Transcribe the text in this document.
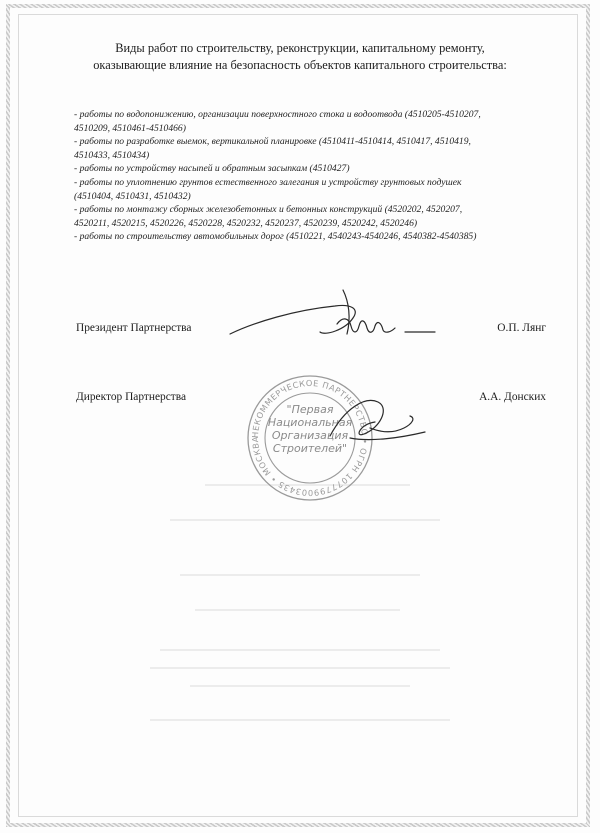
Виды работ по строительству, реконструкции, капитальному ремонту,
оказывающие влияние на безопасность объектов капитального строительства:
- работы по водопонижению, организации поверхностного стока и водоотвода (4510205-4510207,
4510209, 4510461-4510466)
- работы по разработке выемок, вертикальной планировке (4510411-4510414, 4510417, 4510419,
4510433, 4510434)
- работы по устройству насыпей и обратным засыпкам (4510427)
- работы по уплотнению грунтов естественного залегания и устройству грунтовых подушек
(4510404, 4510431, 4510432)
- работы по монтажу сборных железобетонных и бетонных конструкций (4520202, 4520207,
4520211, 4520215, 4520226, 4520228, 4520232, 4520237, 4520239, 4520242, 4520246)
- работы по строительству автомобильных дорог (4510221, 4540243-4540246, 4540382-4540385)
Президент Партнерства	О.П. Лянг
Директор Партнерства	А.А. Донских
НЕКОММЕРЧЕСКОЕ ПАРТНЕРСТВО • ОГРН 1077799003435 • МОСКВА
"Первая
Национальная
Организация
Строителей"
